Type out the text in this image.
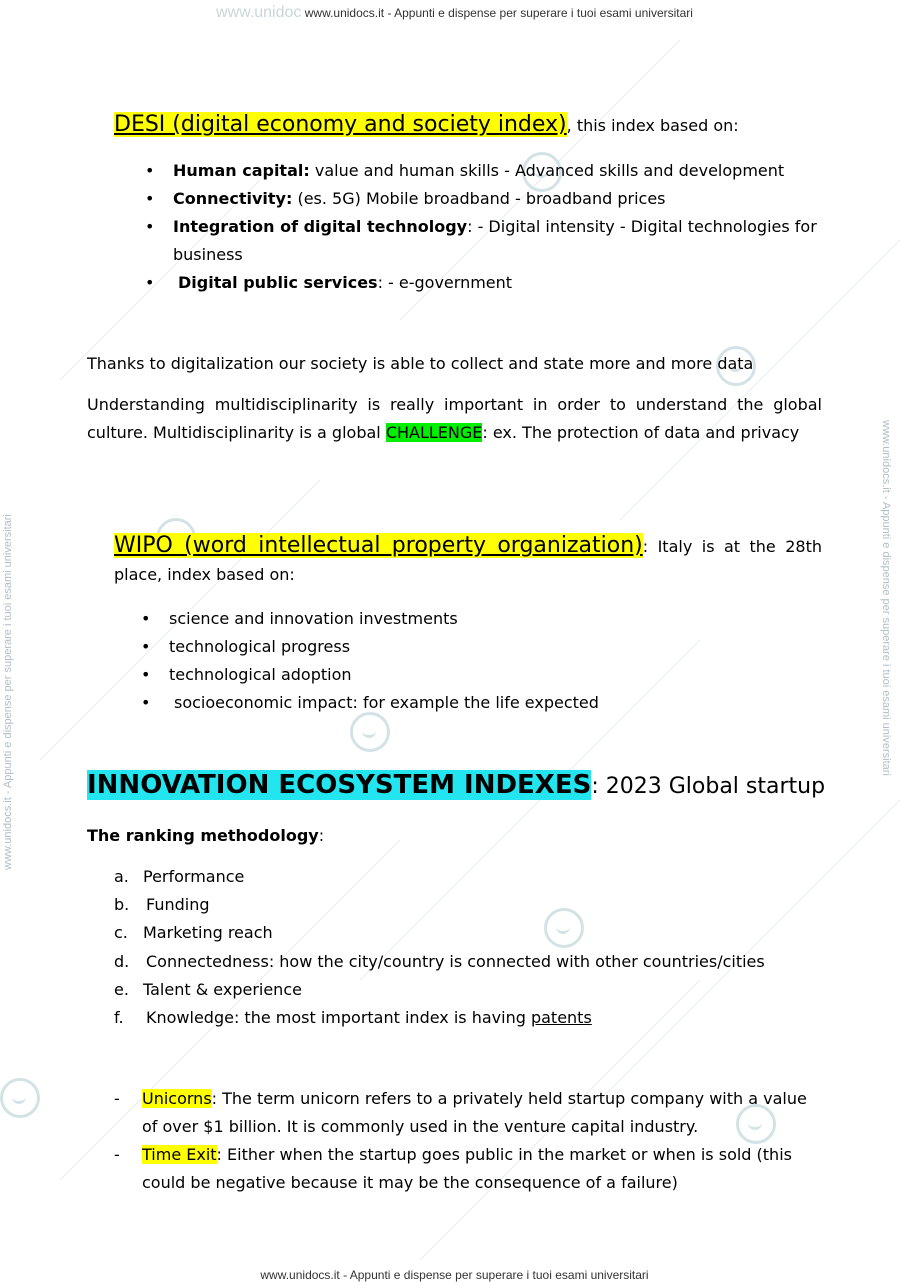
www.unidoc www.unidocs.it - Appunti e dispense per superare i tuoi esami universitari
www.unidocs.it - Appunti e dispense per superare i tuoi esami universitari
www.unidocs.it - Appunti e dispense per superare i tuoi esami universitari	www.unidocs.it - Appunti e dispense per superare i tuoi esami universitari
DESI (digital economy and society index), this index based on:
• Human capital: value and human skills - Advanced skills and development
• Connectivity: (es. 5G) Mobile broadband - broadband prices
• Integration of digital technology: - Digital intensity - Digital technologies for
business
• Digital public services: - e-government
Thanks to digitalization our society is able to collect and state more and more data
Understanding multidisciplinarity is really important in order to understand the global culture. Multidisciplinarity is a global CHALLENGE: ex. The protection of data and privacy
WIPO (word intellectual property organization): Italy is at the 28th place, index based on:
• science and innovation investments
• technological progress
• technological adoption
• socioeconomic impact: for example the life expected
INNOVATION ECOSYSTEM INDEXES: 2023 Global startup
The ranking methodology:
a. Performance
b. Funding
c. Marketing reach
d. Connectedness: how the city/country is connected with other countries/cities
e. Talent & experience
f. Knowledge: the most important index is having patents
- Unicorns: The term unicorn refers to a privately held startup company with a value of over $1 billion. It is commonly used in the venture capital industry.
- Time Exit: Either when the startup goes public in the market or when is sold (this could be negative because it may be the consequence of a failure)
